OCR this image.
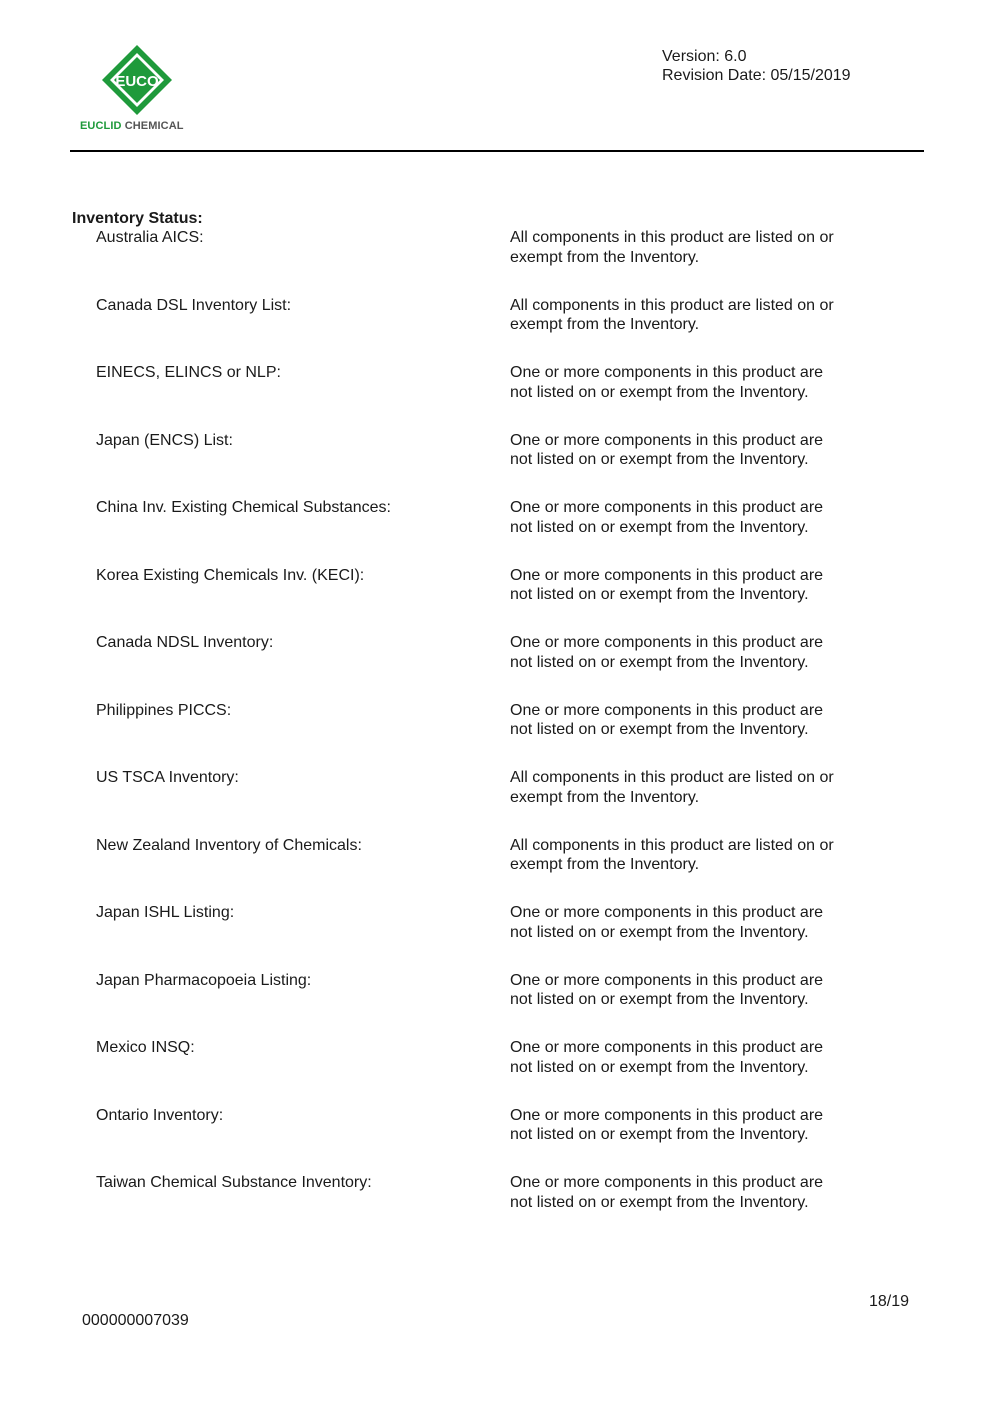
EUCO
EUCLID CHEMICAL
Version: 6.0
Revision Date: 05/15/2019
Inventory Status:
Australia AICS:	All components in this product are listed on or
exempt from the Inventory.
Canada DSL Inventory List:	All components in this product are listed on or
exempt from the Inventory.
EINECS, ELINCS or NLP:	One or more components in this product are
not listed on or exempt from the Inventory.
Japan (ENCS) List:	One or more components in this product are
not listed on or exempt from the Inventory.
China Inv. Existing Chemical Substances:	One or more components in this product are
not listed on or exempt from the Inventory.
Korea Existing Chemicals Inv. (KECI):	One or more components in this product are
not listed on or exempt from the Inventory.
Canada NDSL Inventory:	One or more components in this product are
not listed on or exempt from the Inventory.
Philippines PICCS:	One or more components in this product are
not listed on or exempt from the Inventory.
US TSCA Inventory:	All components in this product are listed on or
exempt from the Inventory.
New Zealand Inventory of Chemicals:	All components in this product are listed on or
exempt from the Inventory.
Japan ISHL Listing:	One or more components in this product are
not listed on or exempt from the Inventory.
Japan Pharmacopoeia Listing:	One or more components in this product are
not listed on or exempt from the Inventory.
Mexico INSQ:	One or more components in this product are
not listed on or exempt from the Inventory.
Ontario Inventory:	One or more components in this product are
not listed on or exempt from the Inventory.
Taiwan Chemical Substance Inventory:	One or more components in this product are
not listed on or exempt from the Inventory.
18/19
000000007039
